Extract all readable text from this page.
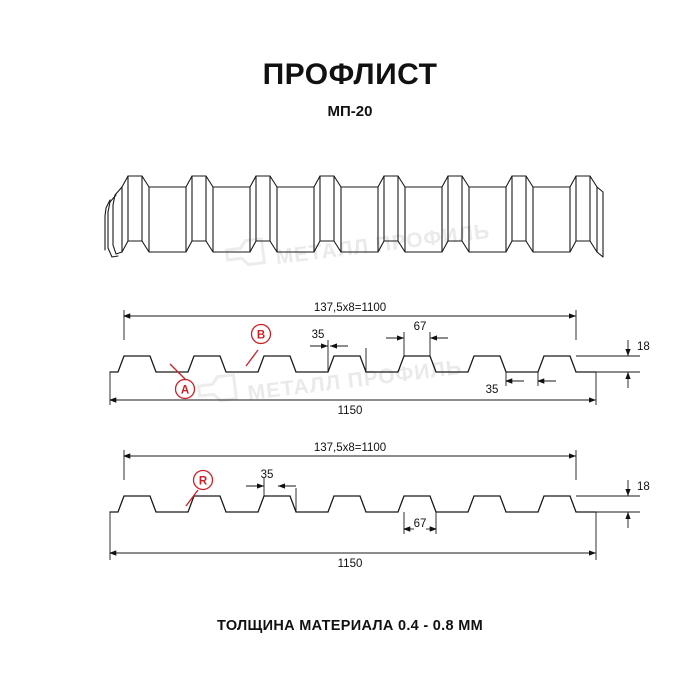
ПРОФЛИСТ
МП-20
МЕТАЛЛ ПРОФИЛЬ
МЕТАЛЛ ПРОФИЛЬ
137,5x8=1100
1150
18
67
35
35
A
B
137,5x8=1100
1150
18
35
67
R
ТОЛЩИНА МАТЕРИАЛА 0.4 - 0.8 ММ
